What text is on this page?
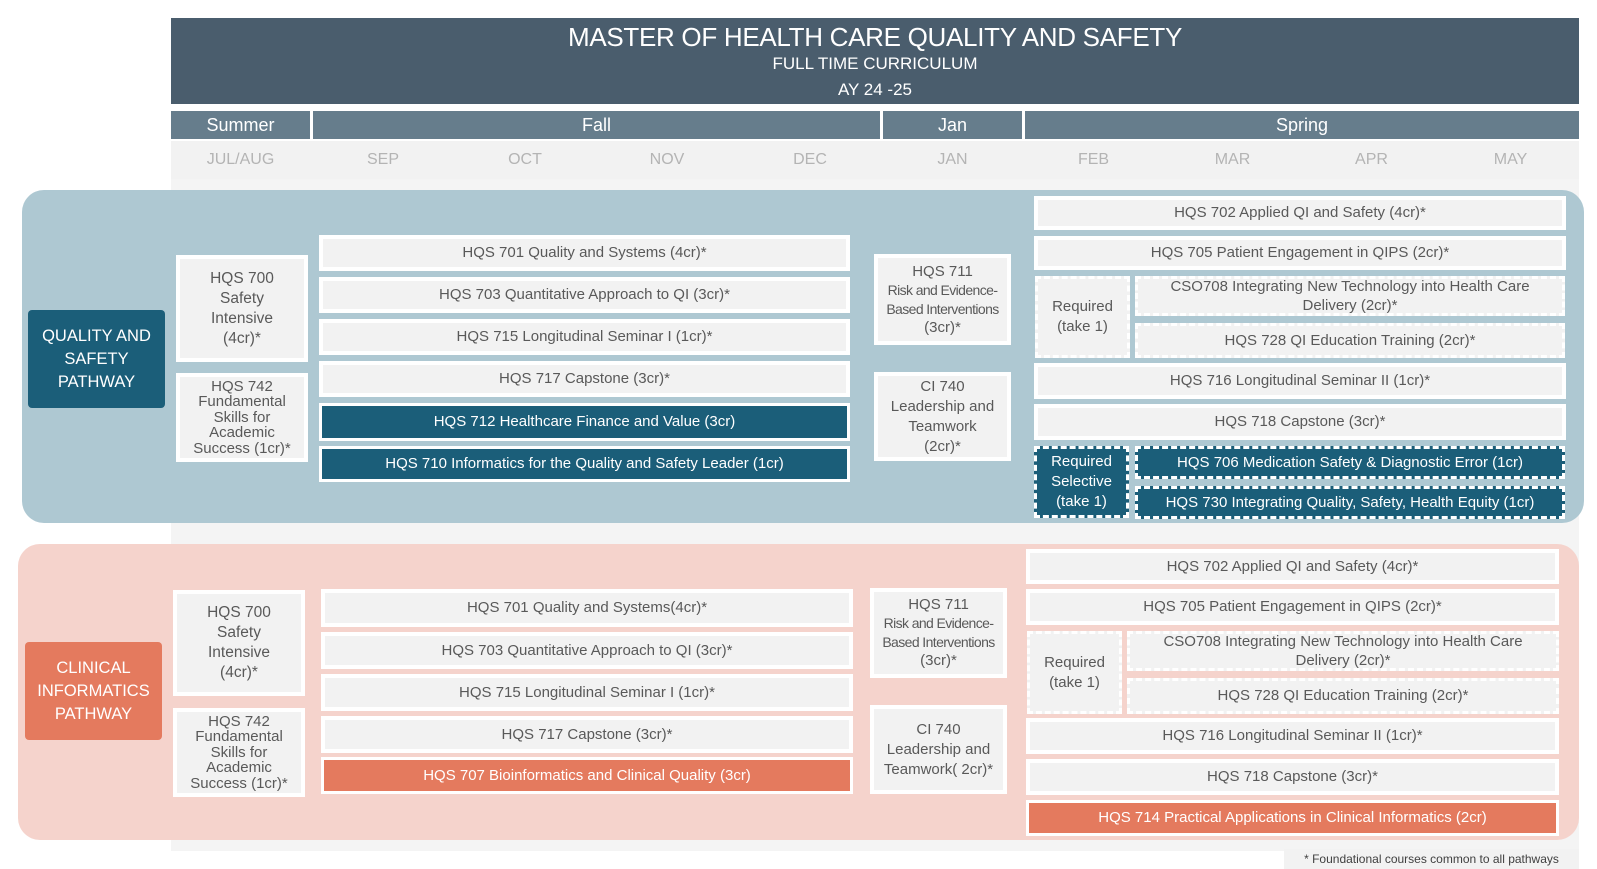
MASTER OF HEALTH CARE QUALITY AND SAFETY
FULL TIME CURRICULUM
AY 24 -25
Summer	Fall	Jan	Spring
JUL/AUG	SEP	OCT	NOV	DEC	JAN	FEB	MAR	APR	MAY
QUALITY AND SAFETY PATHWAY
HQS 700 Safety Intensive (4cr)*
HQS 742 Fundamental Skills for Academic Success (1cr)*
HQS 701 Quality and Systems (4cr)*
HQS 703 Quantitative Approach to QI (3cr)*
HQS 715 Longitudinal Seminar I (1cr)*
HQS 717 Capstone (3cr)*
HQS 712 Healthcare Finance and Value (3cr)
HQS 710 Informatics for the Quality and Safety Leader (1cr)
HQS 711
Risk and Evidence-Based Interventions
(3cr)*
CI 740 Leadership and Teamwork (2cr)*
HQS 702 Applied QI and Safety (4cr)*
HQS 705 Patient Engagement in QIPS (2cr)*
Required (take 1)
CSO708 Integrating New Technology into Health Care Delivery (2cr)*
HQS 728 QI Education Training (2cr)*
HQS 716 Longitudinal Seminar II (1cr)*
HQS 718 Capstone (3cr)*
Required Selective (take 1)
HQS 706 Medication Safety & Diagnostic Error (1cr)
HQS 730 Integrating Quality, Safety, Health Equity (1cr)
CLINICAL INFORMATICS PATHWAY
HQS 700 Safety Intensive (4cr)*
HQS 742 Fundamental Skills for Academic Success (1cr)*
HQS 701 Quality and Systems(4cr)*
HQS 703 Quantitative Approach to QI (3cr)*
HQS 715 Longitudinal Seminar I (1cr)*
HQS 717 Capstone (3cr)*
HQS 707 Bioinformatics and Clinical Quality (3cr)
HQS 711
Risk and Evidence-Based Interventions
(3cr)*
CI 740 Leadership and Teamwork( 2cr)*
HQS 702 Applied QI and Safety (4cr)*
HQS 705 Patient Engagement in QIPS (2cr)*
Required (take 1)
CSO708 Integrating New Technology into Health Care Delivery (2cr)*
HQS 728 QI Education Training (2cr)*
HQS 716 Longitudinal Seminar II (1cr)*
HQS 718 Capstone (3cr)*
HQS 714 Practical Applications in Clinical Informatics (2cr)
* Foundational courses common to all pathways
